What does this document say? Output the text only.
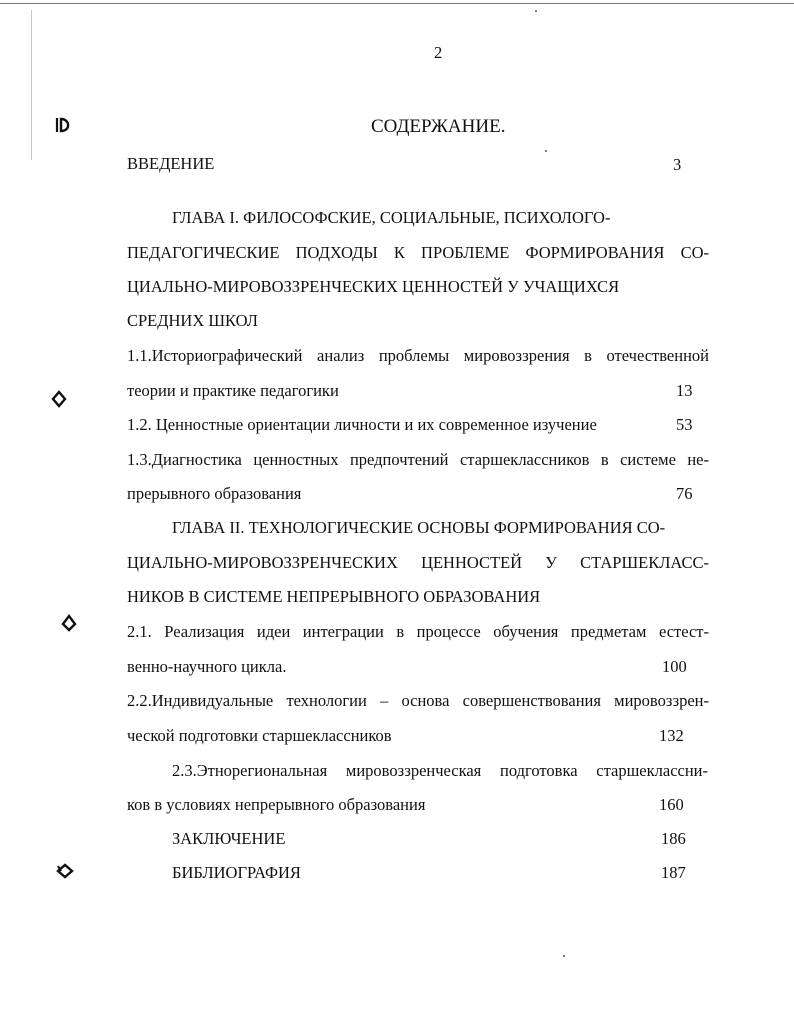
2
СОДЕРЖАНИЕ.
ВВЕДЕНИЕ	3
ГЛАВА I. ФИЛОСОФСКИЕ, СОЦИАЛЬНЫЕ, ПСИХОЛОГО-
ПЕДАГОГИЧЕСКИЕ ПОДХОДЫ К ПРОБЛЕМЕ ФОРМИРОВАНИЯ СО-
ЦИАЛЬНО-МИРОВОЗЗРЕНЧЕСКИХ ЦЕННОСТЕЙ У УЧАЩИХСЯ
СРЕДНИХ ШКОЛ
1.1.Историографический анализ проблемы мировоззрения в отечественной
теории и практике педагогики	13
1.2. Ценностные ориентации личности и их современное изучение	53
1.3.Диагностика ценностных предпочтений старшеклассников в системе не-
прерывного образования	76
ГЛАВА II. ТЕХНОЛОГИЧЕСКИЕ ОСНОВЫ ФОРМИРОВАНИЯ СО-
ЦИАЛЬНО-МИРОВОЗЗРЕНЧЕСКИХ ЦЕННОСТЕЙ У СТАРШЕКЛАСС-
НИКОВ В СИСТЕМЕ НЕПРЕРЫВНОГО ОБРАЗОВАНИЯ
2.1. Реализация идеи интеграции в процессе обучения предметам естест-
венно-научного цикла.	100
2.2.Индивидуальные технологии – основа совершенствования мировоззрен-
ческой подготовки старшеклассников	132
2.3.Этнорегиональная мировоззренческая подготовка старшеклассни-
ков в условиях непрерывного образования	160
ЗАКЛЮЧЕНИЕ	186
БИБЛИОГРАФИЯ	187
